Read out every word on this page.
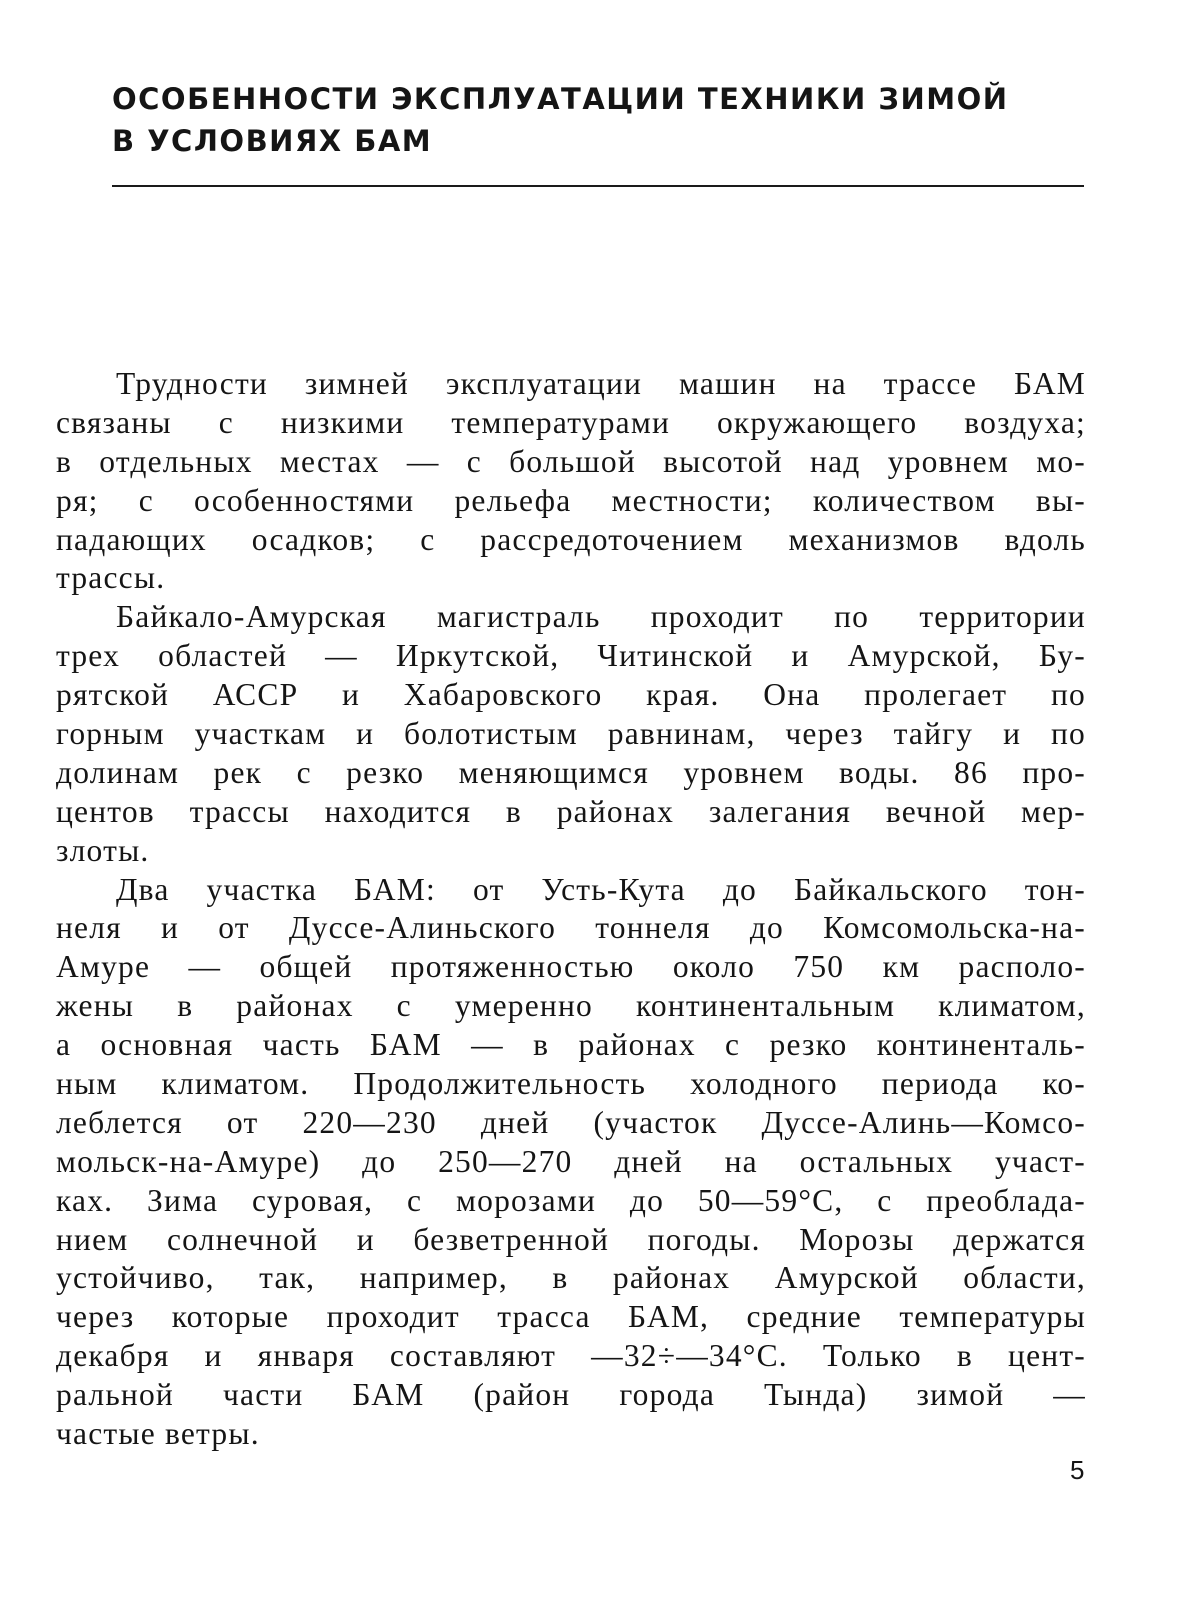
ОСОБЕННОСТИ ЭКСПЛУАТАЦИИ ТЕХНИКИ ЗИМОЙ
В УСЛОВИЯХ БАМ
Трудности зимней эксплуатации машин на трассе БАМ
связаны с низкими температурами окружающего воздуха;
в отдельных местах — с большой высотой над уровнем мо-
ря; с особенностями рельефа местности; количеством вы-
падающих осадков; с рассредоточением механизмов вдоль
трассы.
Байкало-Амурская магистраль проходит по территории
трех областей — Иркутской, Читинской и Амурской, Бу-
рятской АССР и Хабаровского края. Она пролегает по
горным участкам и болотистым равнинам, через тайгу и по
долинам рек с резко меняющимся уровнем воды. 86 про-
центов трассы находится в районах залегания вечной мер-
злоты.
Два участка БАМ: от Усть-Кута до Байкальского тон-
неля и от Дуссе-Алиньского тоннеля до Комсомольска-на-
Амуре — общей протяженностью около 750 км располо-
жены в районах с умеренно континентальным климатом,
а основная часть БАМ — в районах с резко континенталь-
ным климатом. Продолжительность холодного периода ко-
леблется от 220—230 дней (участок Дуссе-Алинь—Комсо-
мольск-на-Амуре) до 250—270 дней на остальных участ-
ках. Зима суровая, с морозами до 50—59°С, с преоблада-
нием солнечной и безветренной погоды. Морозы держатся
устойчиво, так, например, в районах Амурской области,
через которые проходит трасса БАМ, средние температуры
декабря и января составляют —32÷—34°С. Только в цент-
ральной части БАМ (район города Тында) зимой —
частые ветры.
5
